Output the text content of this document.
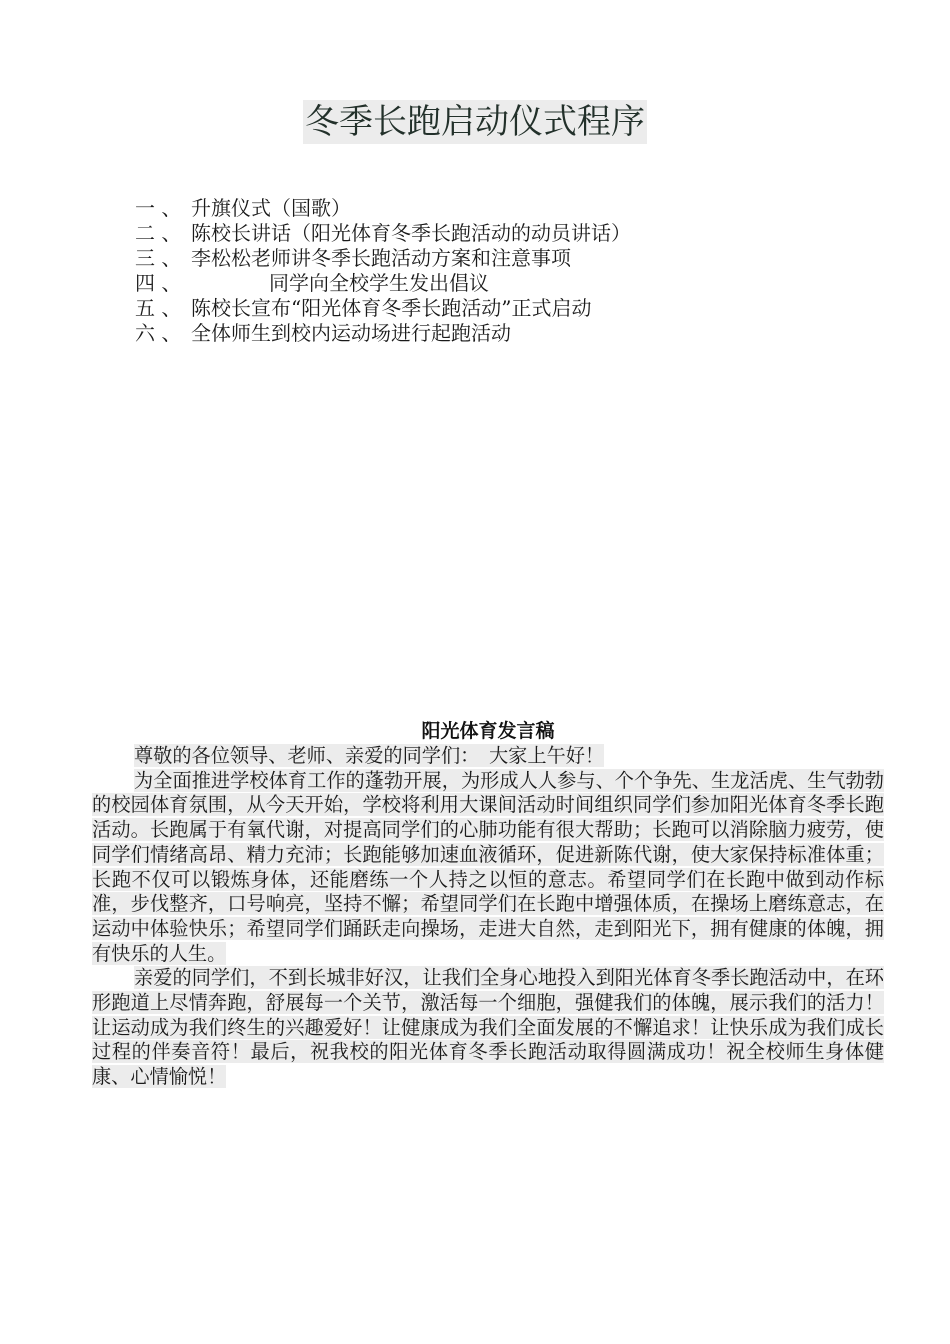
冬季长跑启动仪式程序
一 、 升旗仪式（国歌）
二 、 陈校长讲话（阳光体育冬季长跑活动的动员讲话）
三 、 李松松老师讲冬季长跑活动方案和注意事项
四 、	同学向全校学生发出倡议
五 、 陈校长宣布“阳光体育冬季长跑活动”正式启动
六 、 全体师生到校内运动场进行起跑活动
阳光体育发言稿

尊敬的各位领导、老师、亲爱的同学们：　大家上午好！

为全面推进学校体育工作的蓬勃开展，为形成人人参与、个个争先、生龙活虎、生气勃勃的校园体育氛围，从今天开始，学校将利用大课间活动时间组织同学们参加阳光体育冬季长跑活动。长跑属于有氧代谢，对提高同学们的心肺功能有很大帮助；长跑可以消除脑力疲劳，使同学们情绪高昂、精力充沛；长跑能够加速血液循环，促进新陈代谢，使大家保持标准体重；长跑不仅可以锻炼身体，还能磨练一个人持之以恒的意志。希望同学们在长跑中做到动作标准，步伐整齐，口号响亮，坚持不懈；希望同学们在长跑中增强体质，在操场上磨练意志，在运动中体验快乐；希望同学们踊跃走向操场，走进大自然，走到阳光下，拥有健康的体魄，拥有快乐的人生。

亲爱的同学们，不到长城非好汉，让我们全身心地投入到阳光体育冬季长跑活动中，在环形跑道上尽情奔跑，舒展每一个关节，激活每一个细胞，强健我们的体魄，展示我们的活力！让运动成为我们终生的兴趣爱好！让健康成为我们全面发展的不懈追求！让快乐成为我们成长过程的伴奏音符！最后，祝我校的阳光体育冬季长跑活动取得圆满成功！祝全校师生身体健康、心情愉悦！
